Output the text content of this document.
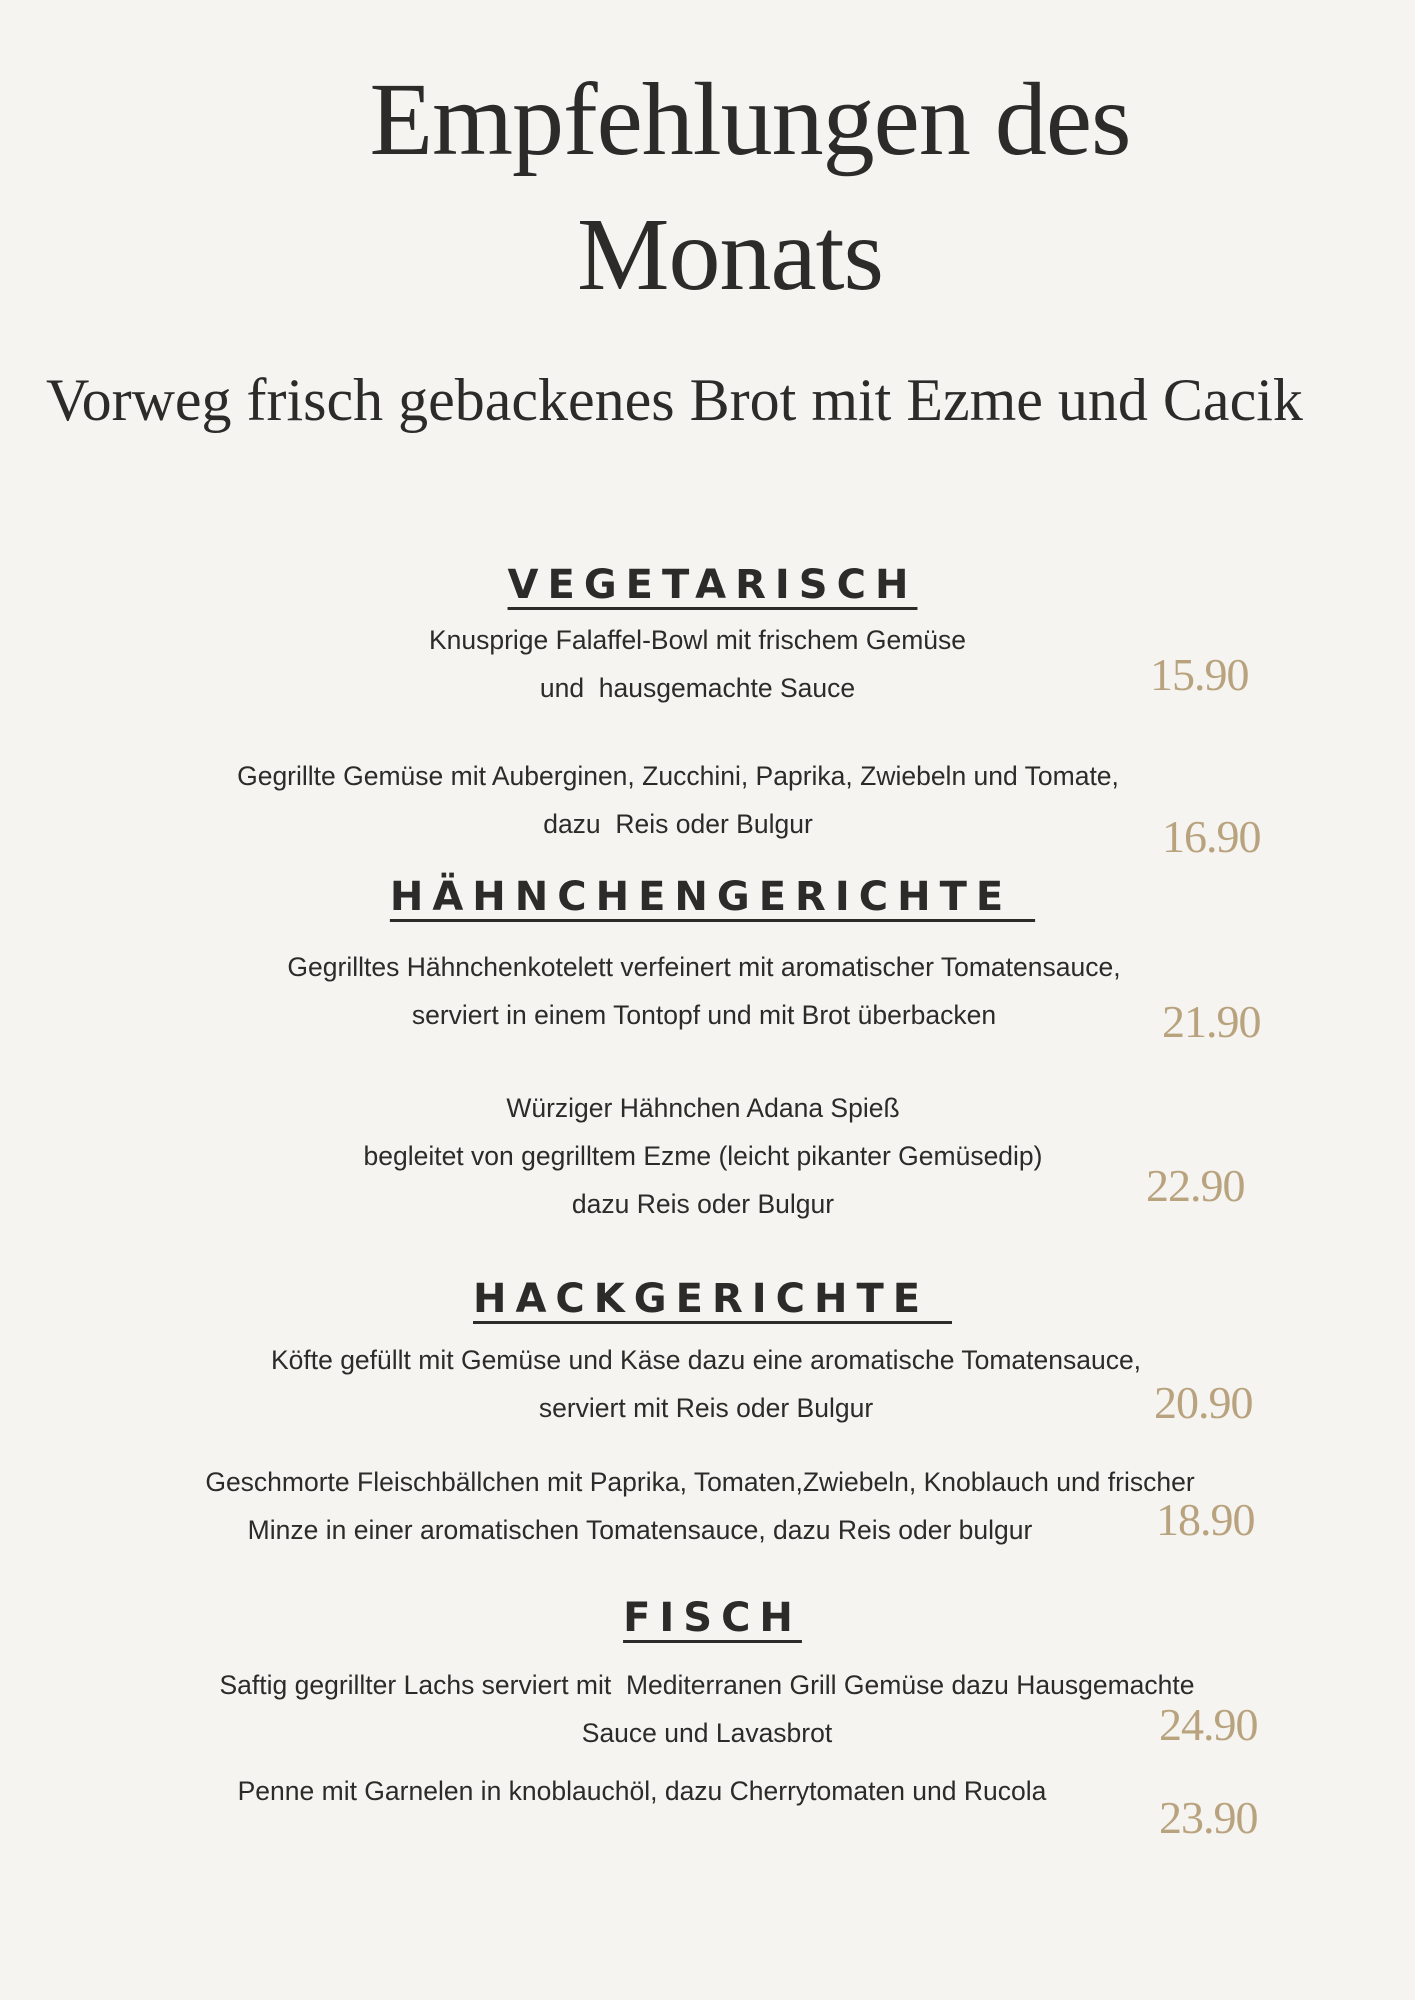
Empfehlungen des
Monats
Vorweg frisch gebackenes Brot mit Ezme und Cacik
VEGETARISCH
Knusprige Falaffel-Bowl mit frischem Gemüse
und  hausgemachte Sauce	15.90
Gegrillte Gemüse mit Auberginen, Zucchini, Paprika, Zwiebeln und Tomate,
dazu  Reis oder Bulgur	16.90
HÄHNCHENGERICHTE
Gegrilltes Hähnchenkotelett verfeinert mit aromatischer Tomatensauce,
serviert in einem Tontopf und mit Brot überbacken	21.90
Würziger Hähnchen Adana Spieß
begleitet von gegrilltem Ezme (leicht pikanter Gemüsedip)
dazu Reis oder Bulgur	22.90
HACKGERICHTE
Köfte gefüllt mit Gemüse und Käse dazu eine aromatische Tomatensauce,
serviert mit Reis oder Bulgur	20.90
Geschmorte Fleischbällchen mit Paprika, Tomaten,Zwiebeln, Knoblauch und frischer
Minze in einer aromatischen Tomatensauce, dazu Reis oder bulgur	18.90
FISCH
Saftig gegrillter Lachs serviert mit  Mediterranen Grill Gemüse dazu Hausgemachte
Sauce und Lavasbrot	24.90
Penne mit Garnelen in knoblauchöl, dazu Cherrytomaten und Rucola
23.90
